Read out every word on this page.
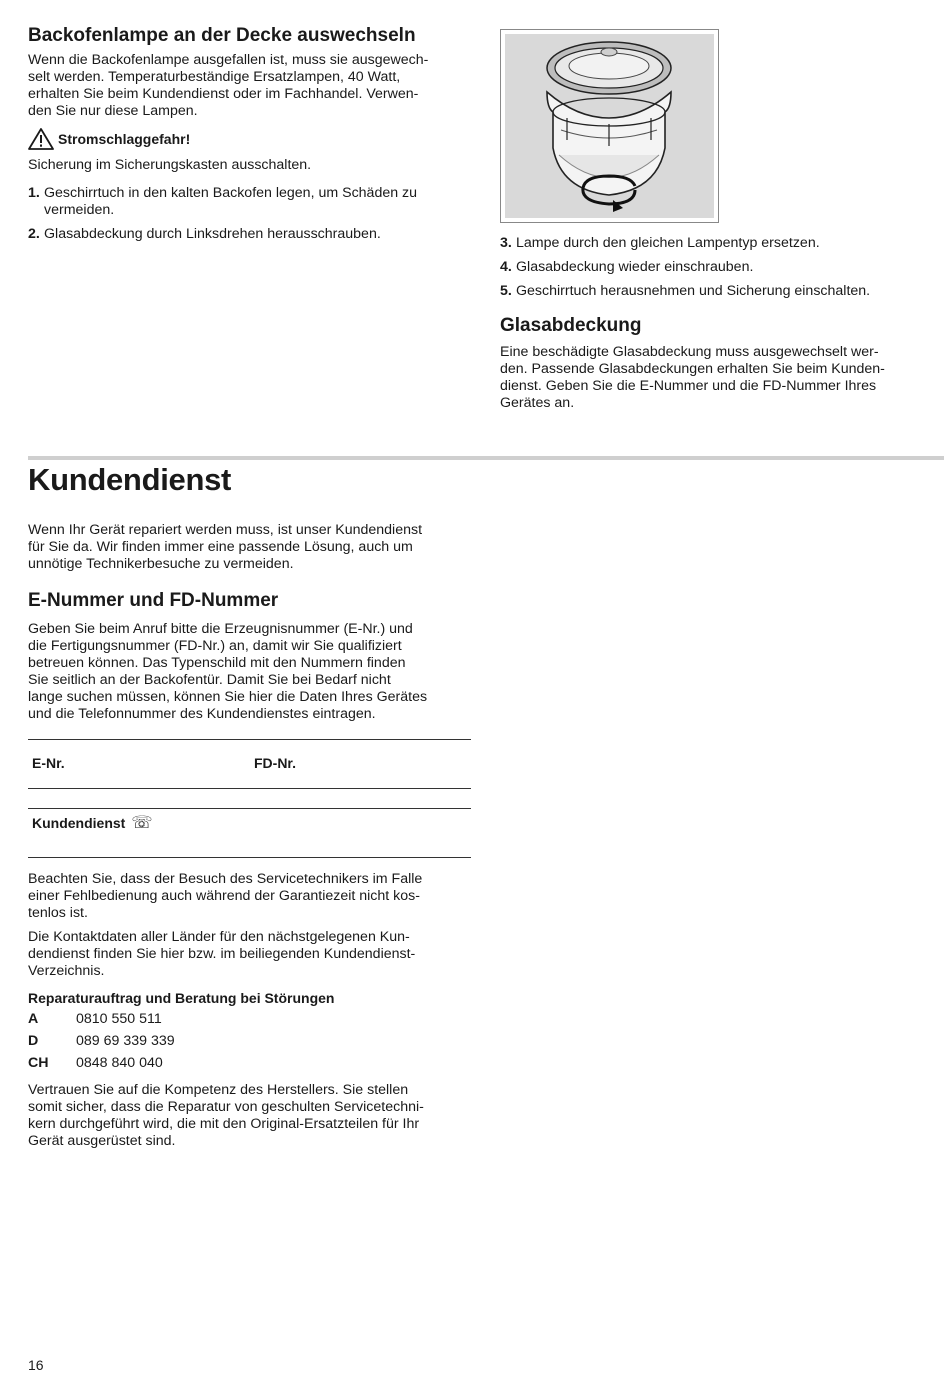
Backofenlampe an der Decke auswechseln

Wenn die Backofenlampe ausgefallen ist, muss sie ausgewech-

selt werden. Temperaturbeständige Ersatzlampen, 40 Watt,

erhalten Sie beim Kundendienst oder im Fachhandel. Verwen-

den Sie nur diese Lampen.

Stromschlaggefahr!

Sicherung im Sicherungskasten ausschalten.

1. Geschirrtuch in den kalten Backofen legen, um Schäden zu
vermeiden.
2. Glasabdeckung durch Linksdrehen herausschrauben.
3. Lampe durch den gleichen Lampentyp ersetzen.
4. Glasabdeckung wieder einschrauben.
5. Geschirrtuch herausnehmen und Sicherung einschalten.
Glasabdeckung

Eine beschädigte Glasabdeckung muss ausgewechselt wer-

den. Passende Glasabdeckungen erhalten Sie beim Kunden-

dienst. Geben Sie die E-Nummer und die FD-Nummer Ihres

Gerätes an.

Kundendienst

Wenn Ihr Gerät repariert werden muss, ist unser Kundendienst

für Sie da. Wir finden immer eine passende Lösung, auch um

unnötige Technikerbesuche zu vermeiden.

E-Nummer und FD-Nummer

Geben Sie beim Anruf bitte die Erzeugnisnummer (E-Nr.) und

die Fertigungsnummer (FD-Nr.) an, damit wir Sie qualifiziert

betreuen können. Das Typenschild mit den Nummern finden

Sie seitlich an der Backofentür. Damit Sie bei Bedarf nicht

lange suchen müssen, können Sie hier die Daten Ihres Gerätes

und die Telefonnummer des Kundendienstes eintragen.

E-Nr.	FD-Nr.
Kundendienst ☏

Beachten Sie, dass der Besuch des Servicetechnikers im Falle

einer Fehlbedienung auch während der Garantiezeit nicht kos-

tenlos ist.

Die Kontaktdaten aller Länder für den nächstgelegenen Kun-

dendienst finden Sie hier bzw. im beiliegenden Kundendienst-

Verzeichnis.

Reparaturauftrag und Beratung bei Störungen
A	0810 550 511
D	089 69 339 339
CH	0848 840 040

Vertrauen Sie auf die Kompetenz des Herstellers. Sie stellen

somit sicher, dass die Reparatur von geschulten Servicetechni-

kern durchgeführt wird, die mit den Original-Ersatzteilen für Ihr

Gerät ausgerüstet sind.

16
